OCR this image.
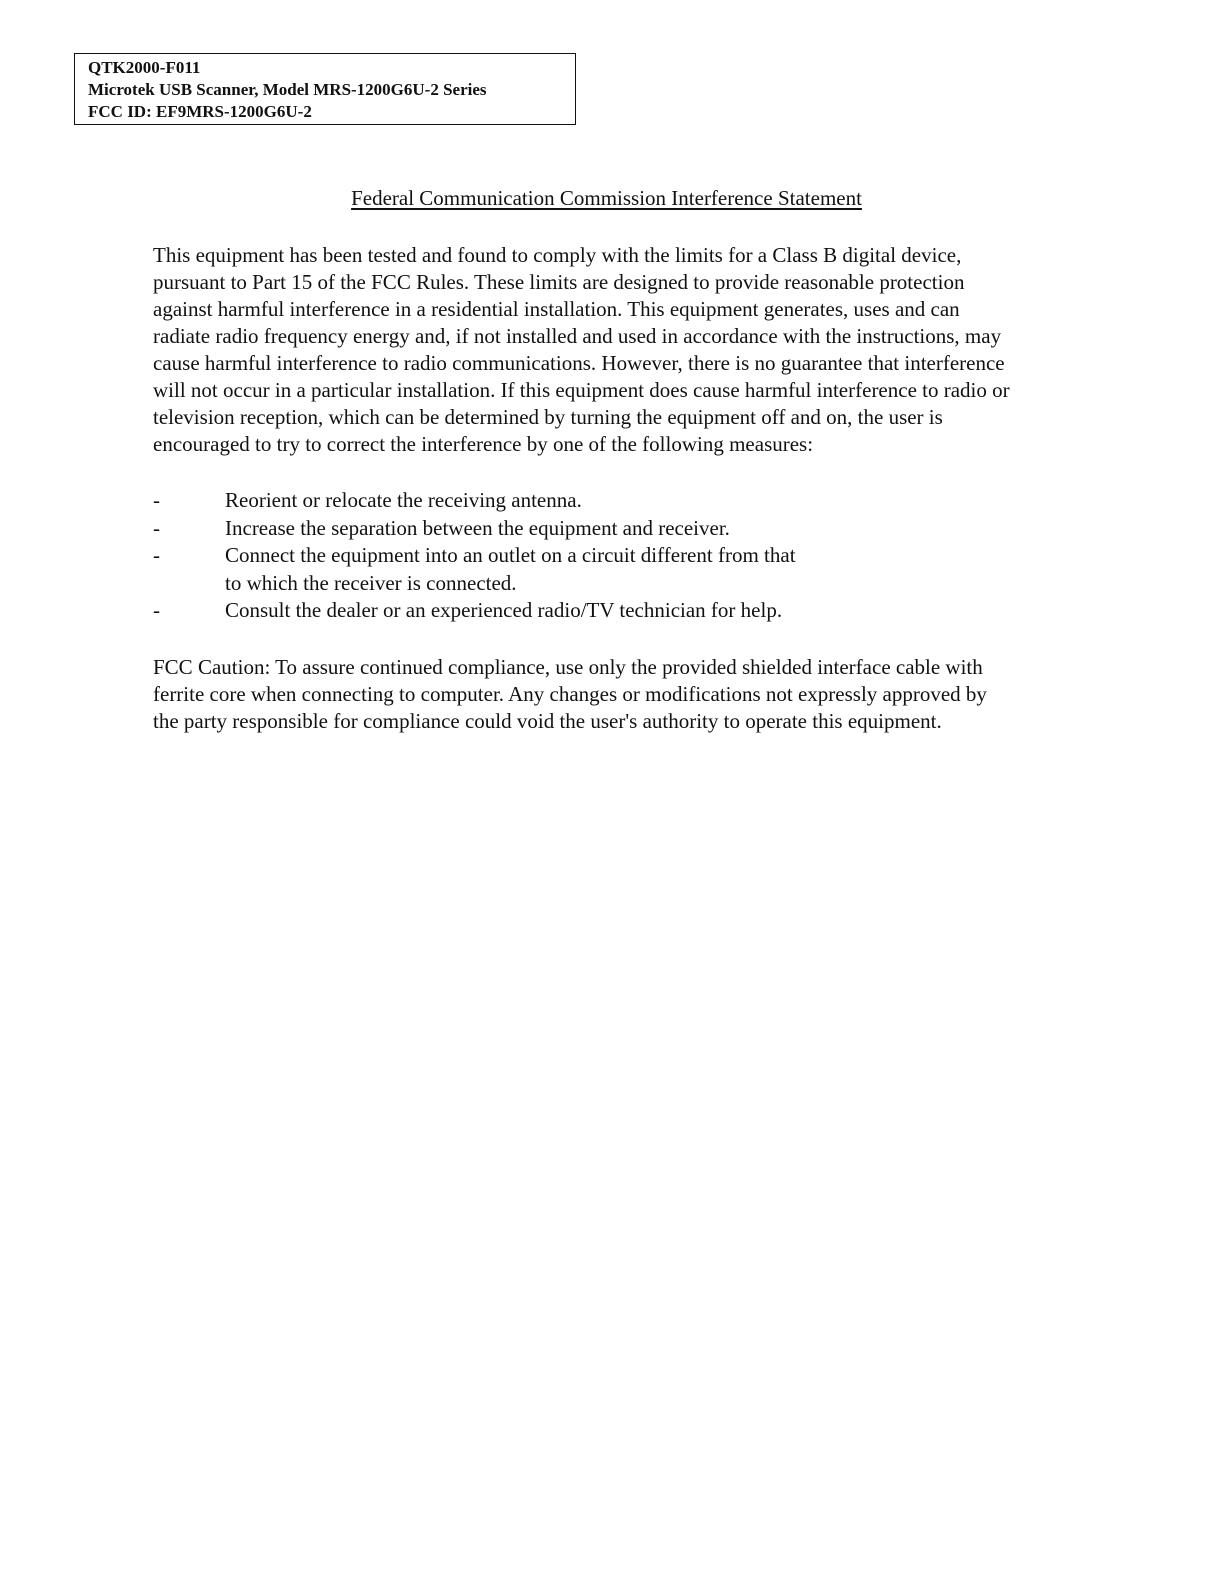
QTK2000-F011
Microtek USB Scanner, Model MRS-1200G6U-2 Series
FCC ID: EF9MRS-1200G6U-2
Federal Communication Commission Interference Statement
This equipment has been tested and found to comply with the limits for a Class B digital device,
pursuant to Part 15 of the FCC Rules. These limits are designed to provide reasonable protection
against harmful interference in a residential installation. This equipment generates, uses and can
radiate radio frequency energy and, if not installed and used in accordance with the instructions, may
cause harmful interference to radio communications. However, there is no guarantee that interference
will not occur in a particular installation. If this equipment does cause harmful interference to radio or
television reception, which can be determined by turning the equipment off and on, the user is
encouraged to try to correct the interference by one of the following measures:
-	Reorient or relocate the receiving antenna.
-	Increase the separation between the equipment and receiver.
-	Connect the equipment into an outlet on a circuit different from that
to which the receiver is connected.
-	Consult the dealer or an experienced radio/TV technician for help.
FCC Caution: To assure continued compliance, use only the provided shielded interface cable with
ferrite core when connecting to computer. Any changes or modifications not expressly approved by
the party responsible for compliance could void the user's authority to operate this equipment.
